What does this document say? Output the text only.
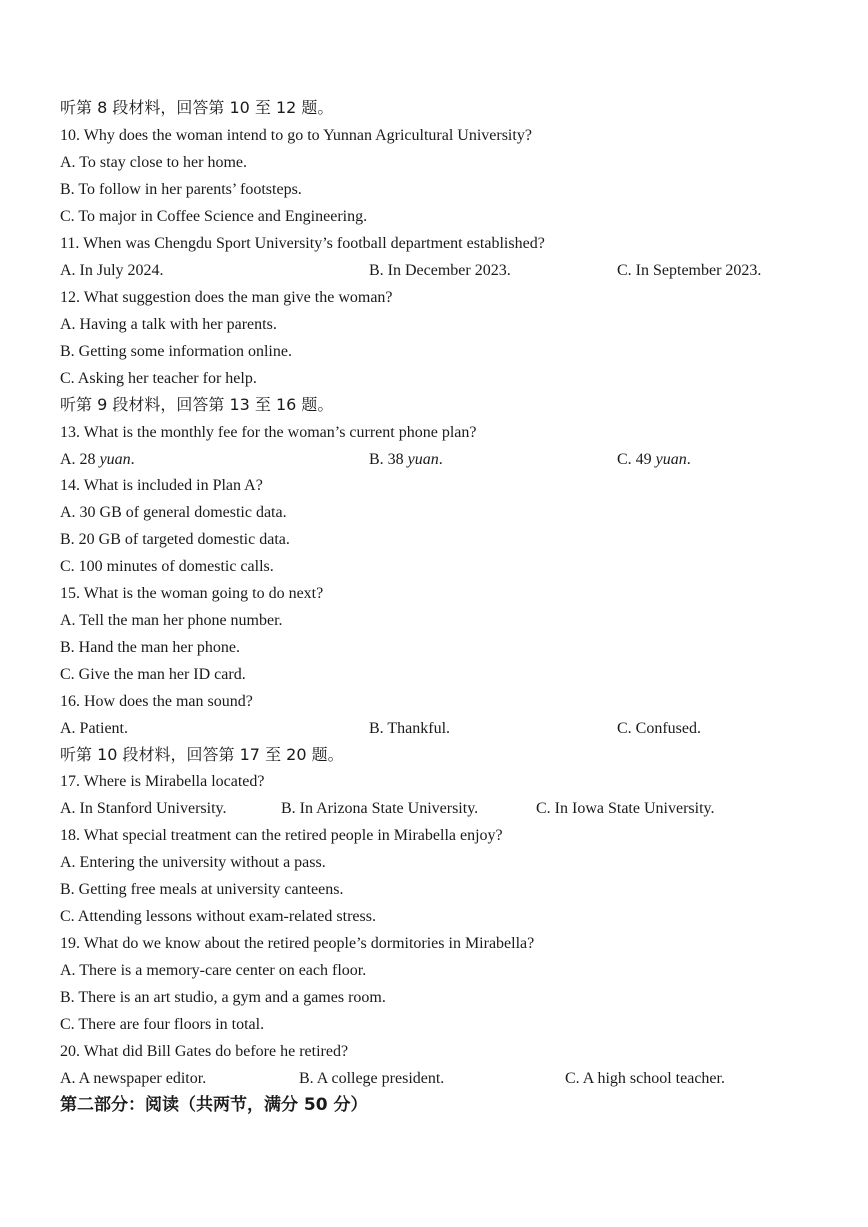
听第 8 段材料，回答第 10 至 12 题。
10. Why does the woman intend to go to Yunnan Agricultural University?
A. To stay close to her home.
B. To follow in her parents’ footsteps.
C. To major in Coffee Science and Engineering.
11. When was Chengdu Sport University’s football department established?
A. In July 2024.	B. In December 2023.	C. In September 2023.
12. What suggestion does the man give the woman?
A. Having a talk with her parents.
B. Getting some information online.
C. Asking her teacher for help.
听第 9 段材料，回答第 13 至 16 题。
13. What is the monthly fee for the woman’s current phone plan?
A. 28 yuan.	B. 38 yuan.	C. 49 yuan.
14. What is included in Plan A?
A. 30 GB of general domestic data.
B. 20 GB of targeted domestic data.
C. 100 minutes of domestic calls.
15. What is the woman going to do next?
A. Tell the man her phone number.
B. Hand the man her phone.
C. Give the man her ID card.
16. How does the man sound?
A. Patient.	B. Thankful.	C. Confused.
听第 10 段材料，回答第 17 至 20 题。
17. Where is Mirabella located?
A. In Stanford University.	B. In Arizona State University.	C. In Iowa State University.
18. What special treatment can the retired people in Mirabella enjoy?
A. Entering the university without a pass.
B. Getting free meals at university canteens.
C. Attending lessons without exam-related stress.
19. What do we know about the retired people’s dormitories in Mirabella?
A. There is a memory-care center on each floor.
B. There is an art studio, a gym and a games room.
C. There are four floors in total.
20. What did Bill Gates do before he retired?
A. A newspaper editor.	B. A college president.	C. A high school teacher.
第二部分：阅读（共两节，满分 50 分）
